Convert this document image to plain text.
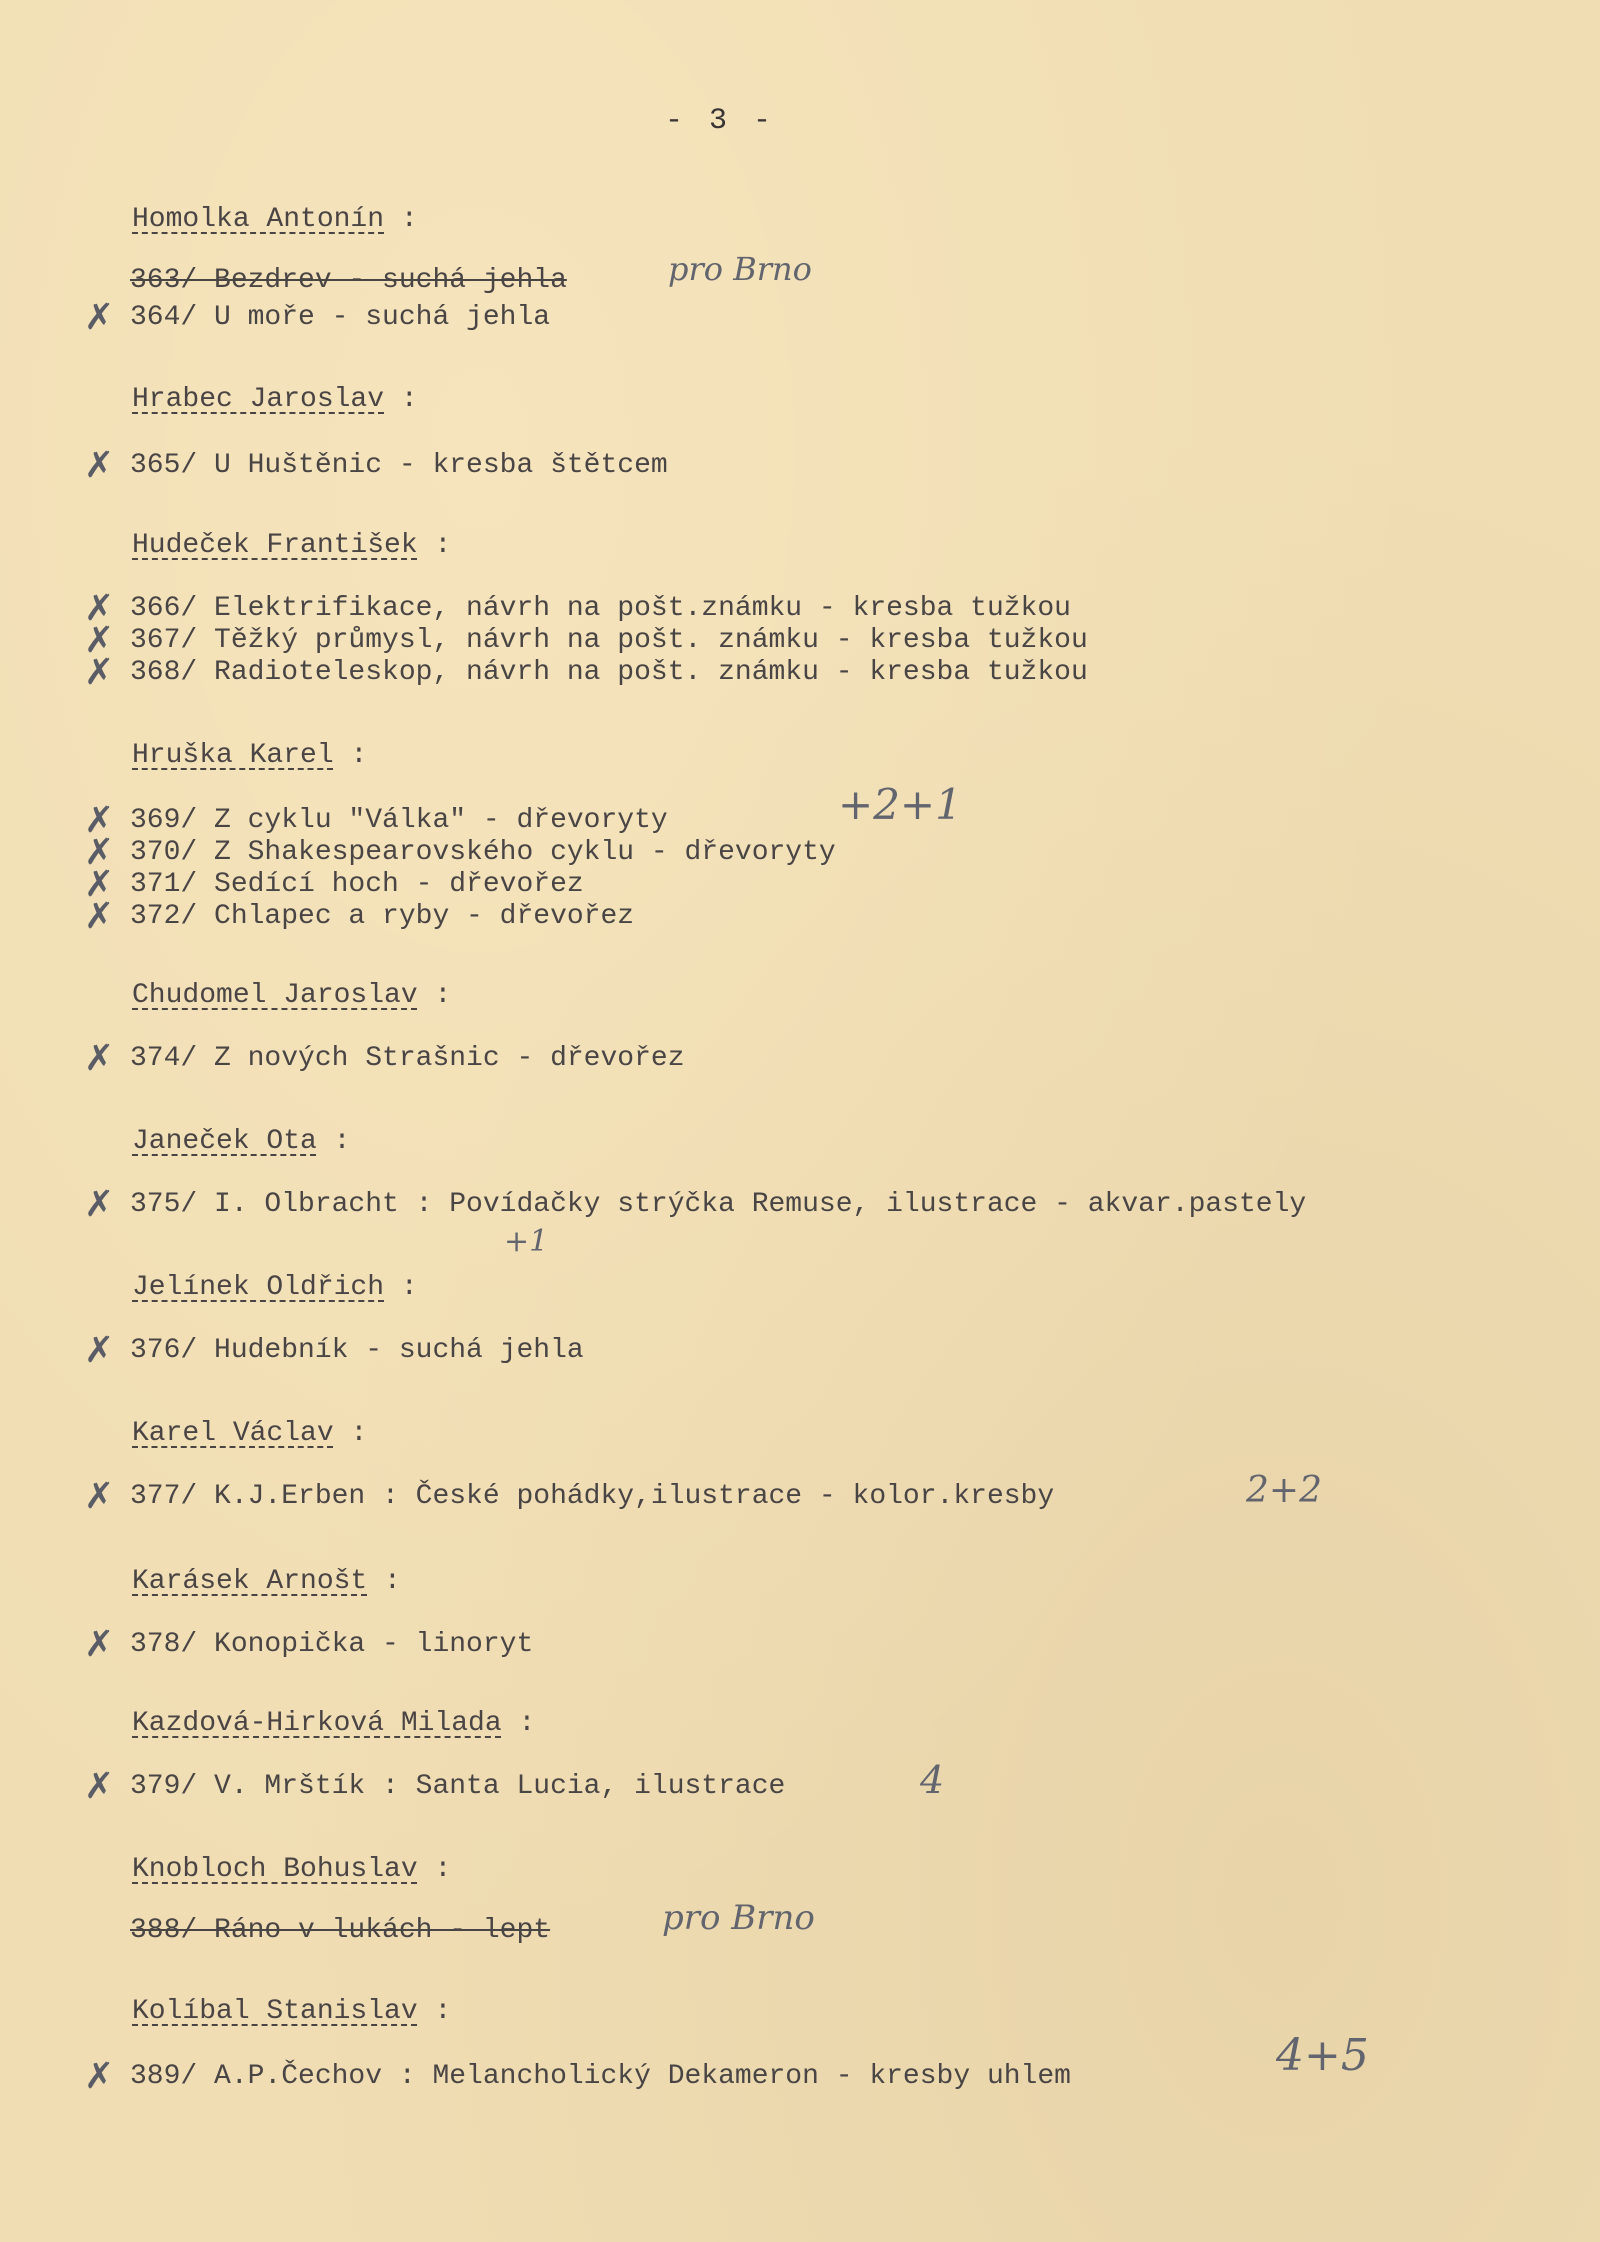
- 3 -
Homolka Antonín :
363/ Bezdrev - suchá jehla	pro Brno
✗ 364/ U moře - suchá jehla
Hrabec Jaroslav :
✗ 365/ U Huštěnic - kresba štětcem
Hudeček František :
✗ 366/ Elektrifikace, návrh na pošt.známku - kresba tužkou
✗ 367/ Těžký průmysl, návrh na pošt. známku - kresba tužkou
✗ 368/ Radioteleskop, návrh na pošt. známku - kresba tužkou
Hruška Karel :
✗ 369/ Z cyklu "Válka" - dřevoryty	+2+1
✗ 370/ Z Shakespearovského cyklu - dřevoryty
✗ 371/ Sedící hoch - dřevořez
✗ 372/ Chlapec a ryby - dřevořez
Chudomel Jaroslav :
✗ 374/ Z nových Strašnic - dřevořez
Janeček Ota :
✗ 375/ I. Olbracht : Povídačky strýčka Remuse, ilustrace - akvar.pastely
+1
Jelínek Oldřich :
✗ 376/ Hudebník - suchá jehla
Karel Václav :
✗ 377/ K.J.Erben : České pohádky,ilustrace - kolor.kresby	2+2
Karásek Arnošt :
✗ 378/ Konopička - linoryt
Kazdová-Hirková Milada :
✗ 379/ V. Mrštík : Santa Lucia, ilustrace	4
Knobloch Bohuslav :
388/ Ráno v lukách - lept	pro Brno
Kolíbal Stanislav :
✗ 389/ A.P.Čechov : Melancholický Dekameron - kresby uhlem	4+5
